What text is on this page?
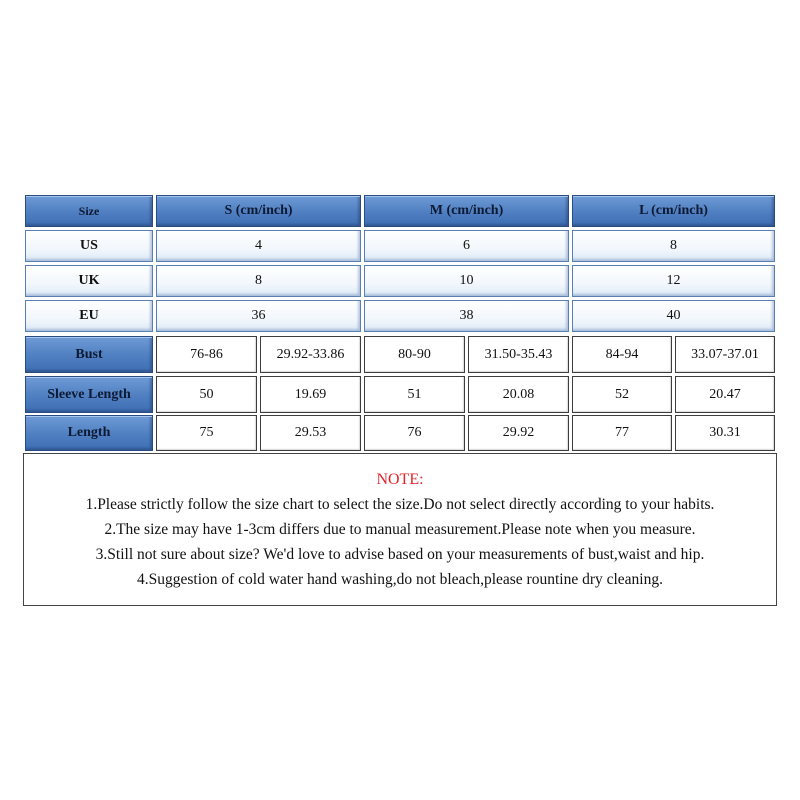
Size	S (cm/inch)	M (cm/inch)	L (cm/inch)
US	4	6	8
UK	8	10	12
EU	36	38	40
Bust	76-86	29.92-33.86	80-90	31.50-35.43	84-94	33.07-37.01
Sleeve Length	50	19.69	51	20.08	52	20.47
Length	75	29.53	76	29.92	77	30.31
NOTE:
1.Please strictly follow the size chart to select the size.Do not select directly according to your habits.
2.The size may have 1-3cm differs due to manual measurement.Please note when you measure.
3.Still not sure about size? We'd love to advise based on your measurements of bust,waist and hip.
4.Suggestion of cold water hand washing,do not bleach,please rountine dry cleaning.
